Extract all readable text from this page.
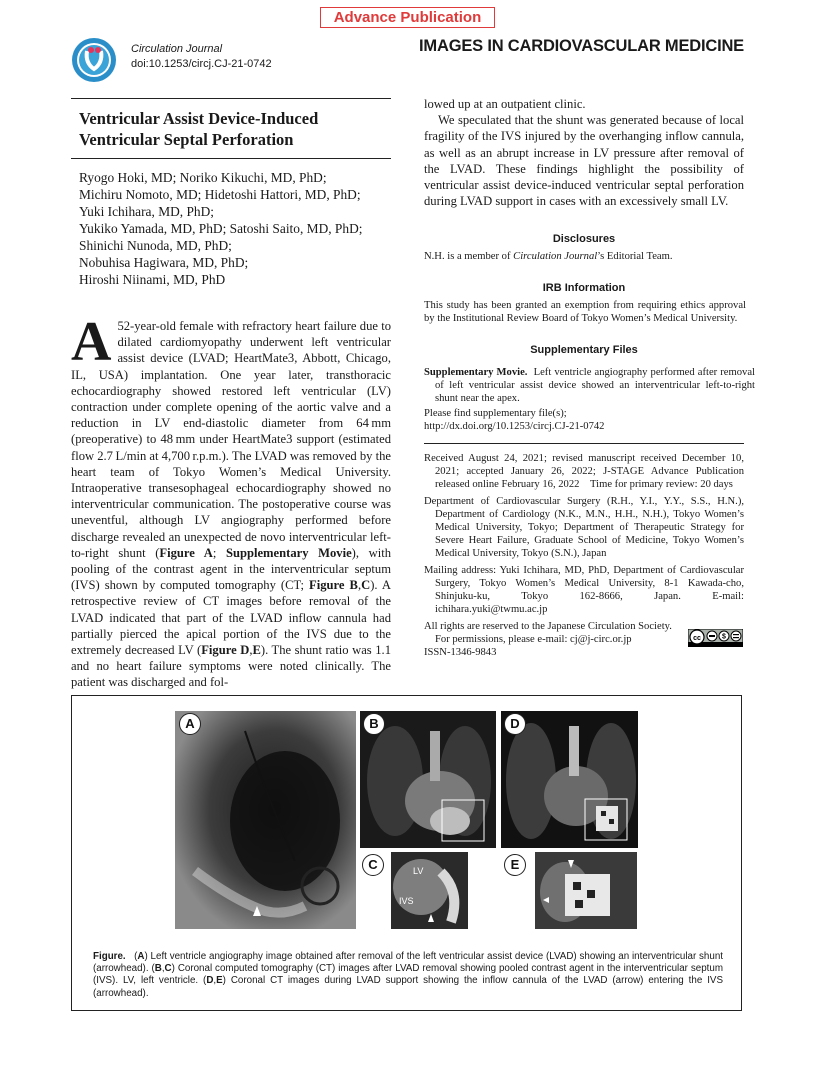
Advance Publication
Circulation Journal
doi:10.1253/circj.CJ-21-0742
IMAGES IN CARDIOVASCULAR MEDICINE
Ventricular Assist Device-Induced
Ventricular Septal Perforation
Ryogo Hoki, MD; Noriko Kikuchi, MD, PhD;
Michiru Nomoto, MD; Hidetoshi Hattori, MD, PhD;
Yuki Ichihara, MD, PhD;
Yukiko Yamada, MD, PhD; Satoshi Saito, MD, PhD;
Shinichi Nunoda, MD, PhD;
Nobuhisa Hagiwara, MD, PhD;
Hiroshi Niinami, MD, PhD
A 52-year-old female with refractory heart failure due to dilated cardiomyopathy underwent left ventricular assist device (LVAD; HeartMate3, Abbott, Chicago, IL, USA) implantation. One year later, transthoracic echocardiography showed restored left ventricular (LV) contraction under complete opening of the aortic valve and a reduction in LV end-diastolic diameter from 64 mm (preoperative) to 48 mm under HeartMate3 support (estimated flow 2.7 L/min at 4,700 r.p.m.). The LVAD was removed by the heart team of Tokyo Women’s Medical University. Intraoperative transesophageal echocardiography showed no interventricular communication. The postoperative course was uneventful, although LV angiography performed before discharge revealed an unexpected de novo interventricular left-to-right shunt (Figure A; Supplementary Movie), with pooling of the contrast agent in the interventricular septum (IVS) shown by computed tomography (CT; Figure B,C). A retrospective review of CT images before removal of the LVAD indicated that part of the LVAD inflow cannula had partially pierced the apical portion of the IVS due to the extremely decreased LV (Figure D,E). The shunt ratio was 1.1 and no heart failure symptoms were noted clinically. The patient was discharged and fol-
lowed up at an outpatient clinic.
We speculated that the shunt was generated because of local fragility of the IVS injured by the overhanging inflow cannula, as well as an abrupt increase in LV pressure after removal of the LVAD. These findings highlight the possibility of ventricular assist device-induced ventricular septal perforation during LVAD support in cases with an excessively small LV.
Disclosures
N.H. is a member of Circulation Journal’s Editorial Team.
IRB Information
This study has been granted an exemption from requiring ethics approval by the Institutional Review Board of Tokyo Women’s Medical University.
Supplementary Files
Supplementary Movie. Left ventricle angiography performed after removal of left ventricular assist device showed an interventricular left-to-right shunt near the apex.
Please find supplementary file(s);
http://dx.doi.org/10.1253/circj.CJ-21-0742
Received August 24, 2021; revised manuscript received December 10, 2021; accepted January 26, 2022; J-STAGE Advance Publication released online February 16, 2022 Time for primary review: 20 days
Department of Cardiovascular Surgery (R.H., Y.I., Y.Y., S.S., H.N.), Department of Cardiology (N.K., M.N., H.H., N.H.), Tokyo Women’s Medical University, Tokyo; Department of Therapeutic Strategy for Severe Heart Failure, Graduate School of Medicine, Tokyo Women’s Medical University, Tokyo (S.N.), Japan
Mailing address: Yuki Ichihara, MD, PhD, Department of Cardiovascular Surgery, Tokyo Women’s Medical University, 8-1 Kawada-cho, Shinjuku-ku, Tokyo 162-8666, Japan. E-mail: ichihara.yuki@twmu.ac.jp
All rights are reserved to the Japanese Circulation Society.
For permissions, please e-mail: cj@j-circ.or.jp
ISSN-1346-9843
cc	$
A	B	D
LV
IVS
C	E
Figure. (A) Left ventricle angiography image obtained after removal of the left ventricular assist device (LVAD) showing an interventricular shunt (arrowhead). (B,C) Coronal computed tomography (CT) images after LVAD removal showing pooled contrast agent in the interventricular septum (IVS). LV, left ventricle. (D,E) Coronal CT images during LVAD support showing the inflow cannula of the LVAD (arrow) entering the IVS (arrowhead).
